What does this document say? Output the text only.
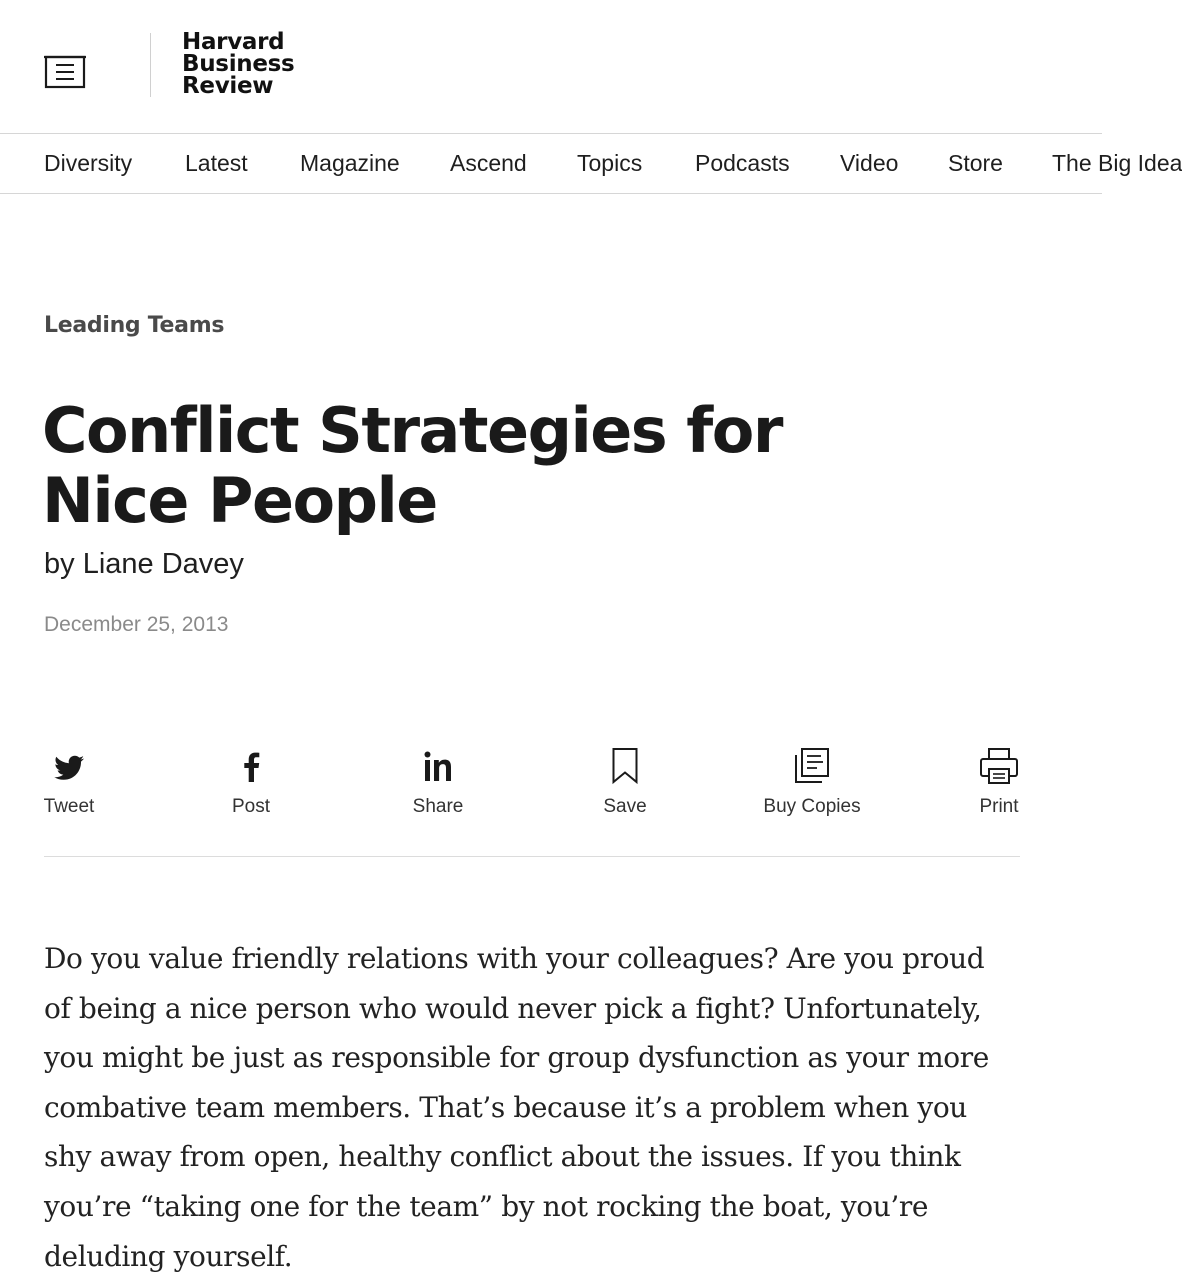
Harvard
Business
Review
Diversity Latest Magazine Ascend Topics Podcasts Video Store The Big Idea
Leading Teams
Conflict Strategies for Nice People
by Liane Davey
December 25, 2013
Tweet	Post	Share	Save	Buy Copies	Print

Do you value friendly relations with your colleagues? Are you proud of being a nice person who would never pick a fight? Unfortunately, you might be just as responsible for group dysfunction as your more combative team members. That’s because it’s a problem when you shy away from open, healthy conflict about the issues. If you think you’re “taking one for the team” by not rocking the boat, you’re deluding yourself.
